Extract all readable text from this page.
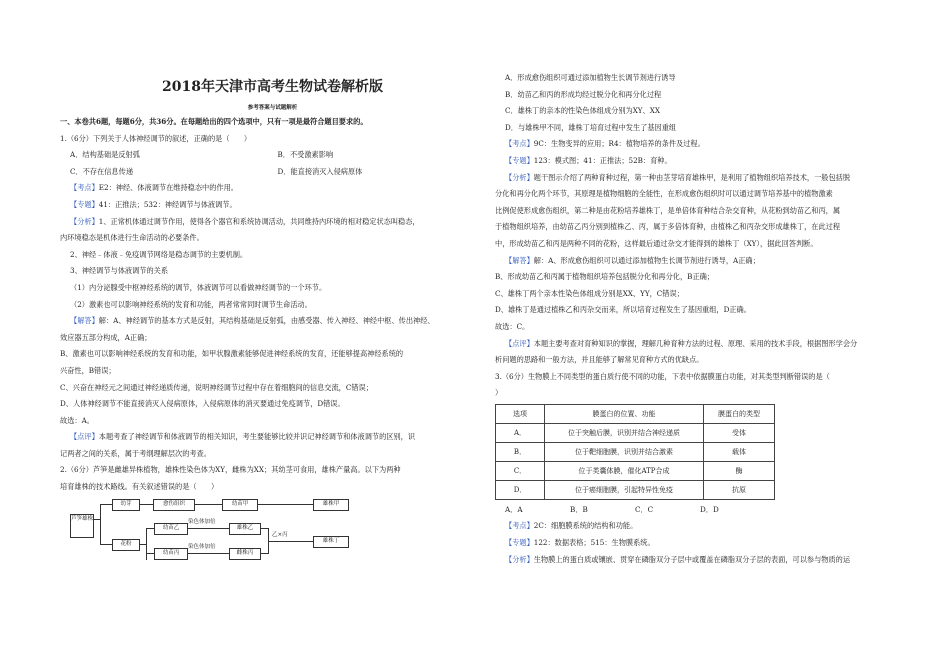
2018年天津市高考生物试卷解析版
参考答案与试题解析
一、本卷共6题，每题6分，共36分。在每题给出的四个选项中，只有一项是最符合题目要求的。
1.（6分）下列关于人体神经调节的叙述，正确的是（　　）
A．结构基础是反射弧	B．不受激素影响
C．不存在信息传递	D．能直接消灭入侵病原体
【考点】E2：神经、体液调节在维持稳态中的作用。
【专题】41：正推法；532：神经调节与体液调节。
【分析】1、正常机体通过调节作用，使得各个器官和系统协调活动，共同维持内环境的相对稳定状态叫稳态，
内环境稳态是机体进行生命活动的必要条件。
2、神经﹣体液﹣免疫调节网络是稳态调节的主要机制。
3、神经调节与体液调节的关系
（1）内分泌腺受中枢神经系统的调节，体液调节可以看做神经调节的一个环节。
（2）激素也可以影响神经系统的发育和功能，两者常常同时调节生命活动。
【解答】解：A、神经调节的基本方式是反射，其结构基础是反射弧，由感受器、传入神经、神经中枢、传出神经、
效应器五部分构成，A正确；
B、激素也可以影响神经系统的发育和功能，如甲状腺激素能够促进神经系统的发育，还能够提高神经系统的
兴奋性，B错误；
C、兴奋在神经元之间通过神经递质传递，说明神经调节过程中存在着细胞间的信息交流，C错误；
D、人体神经调节不能直接消灭入侵病原体，入侵病原体的消灭要通过免疫调节，D错误。
故选：A。
【点评】本题考查了神经调节和体液调节的相关知识，考生要能够比较并识记神经调节和体液调节的区别，识
记两者之间的关系，属于考纲理解层次的考查。
2.（6分）芦笋是雌雄异株植物，雄株性染色体为XY，雌株为XX；其幼茎可食用，雄株产量高。以下为两种
培育雄株的技术路线。有关叙述错误的是（　　）
芦笋雄株
幼芽
花粉
愈伤组织	幼苗甲	雄株甲
幼苗乙
幼苗丙
染色体加倍
染色体加倍
雄株乙
雌株丙
乙×丙
雄株丁
A．形成愈伤组织可通过添加植物生长调节剂进行诱导
B．幼苗乙和丙的形成均经过脱分化和再分化过程
C．雄株丁的亲本的性染色体组成分别为XY、XX
D．与雄株甲不同，雄株丁培育过程中发生了基因重组
【考点】9C：生物变异的应用；R4：植物培养的条件及过程。
【专题】123：模式图；41：正推法；52B：育种。
【分析】题干图示介绍了两种育种过程，第一种由茎芽培育雄株甲，是利用了植物组织培养技术，一般包括脱
分化和再分化两个环节，其原理是植物细胞的全能性，在形成愈伤组织时可以通过调节培养基中的植物激素
比例促使形成愈伤组织，第二种是由花粉培养雄株丁，是单倍体育种结合杂交育种，从花粉到幼苗乙和丙，属
于植物组织培养，由幼苗乙丙分别到植株乙、丙，属于多倍体育种，由植株乙和丙杂交形成雄株丁，在此过程
中，形成幼苗乙和丙是两种不同的花粉，这样最后通过杂交才能得到的雄株丁（XY），据此回答判断。
【解答】解：A、形成愈伤组织可以通过添加植物生长调节剂进行诱导，A正确；
B、形成幼苗乙和丙属于植物组织培养包括脱分化和再分化，B正确；
C、雄株丁两个亲本性染色体组成分别是XX、YY，C错误；
D、雄株丁是通过植株乙和丙杂交而来，所以培育过程发生了基因重组，D正确。
故选：C。
【点评】本题主要考查对育种知识的掌握，理解几种育种方法的过程、原理、采用的技术手段，根据图形学会分
析问题的思路和一般方法，并且能够了解常见育种方式的优缺点。
3.（6分）生物膜上不同类型的蛋白质行使不同的功能，下表中依据膜蛋白功能，对其类型判断错误的是（
）
选项	膜蛋白的位置、功能	膜蛋白的类型
A．	位于突触后膜，识别并结合神经递质	受体
B．	位于靶细胞膜，识别并结合激素	载体
C．	位于类囊体膜，催化ATP合成	酶
D．	位于癌细胞膜，引起特异性免疫	抗原
A．A	B．B	C．C	D．D
【考点】2C：细胞膜系统的结构和功能。
【专题】122：数据表格；515：生物膜系统。
【分析】生物膜上的蛋白质或镶嵌、贯穿在磷脂双分子层中或覆盖在磷脂双分子层的表面，可以参与物质的运
